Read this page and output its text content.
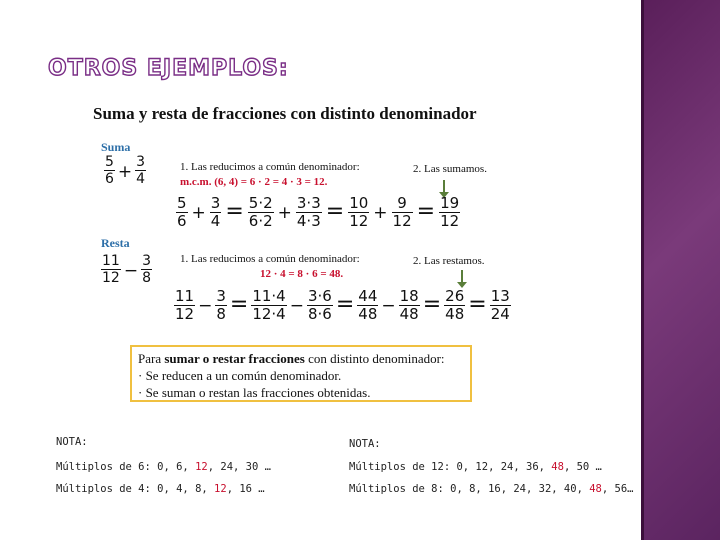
OTROS EJEMPLOS:
Suma y resta de fracciones con distinto denominador
Suma
5
6 + 3
4
1. Las reducimos a común denominador:
m.c.m. (6, 4) = 6 · 2 = 4 · 3 = 12.
2. Las sumamos.
5
6 + 3
4 = 5·2
6·2 + 3·3
4·3 = 10
12 + 9
12 = 19
12
Resta
11
12 − 3
8
1. Las reducimos a común denominador:
12 · 4 = 8 · 6 = 48.
2. Las restamos.
11
12 − 3
8 = 11·4
12·4 − 3·6
8·6 = 44
48 − 18
48 = 26
48 = 13
24
Para sumar o restar fracciones con distinto denominador:
· Se reducen a un común denominador.
· Se suman o restan las fracciones obtenidas.
NOTA:
Múltiplos de 6: 0, 6, 12, 24, 30 …
Múltiplos de 4: 0, 4, 8, 12, 16 …
NOTA:
Múltiplos de 12: 0, 12, 24, 36, 48, 50 …
Múltiplos de 8: 0, 8, 16, 24, 32, 40, 48, 56…
